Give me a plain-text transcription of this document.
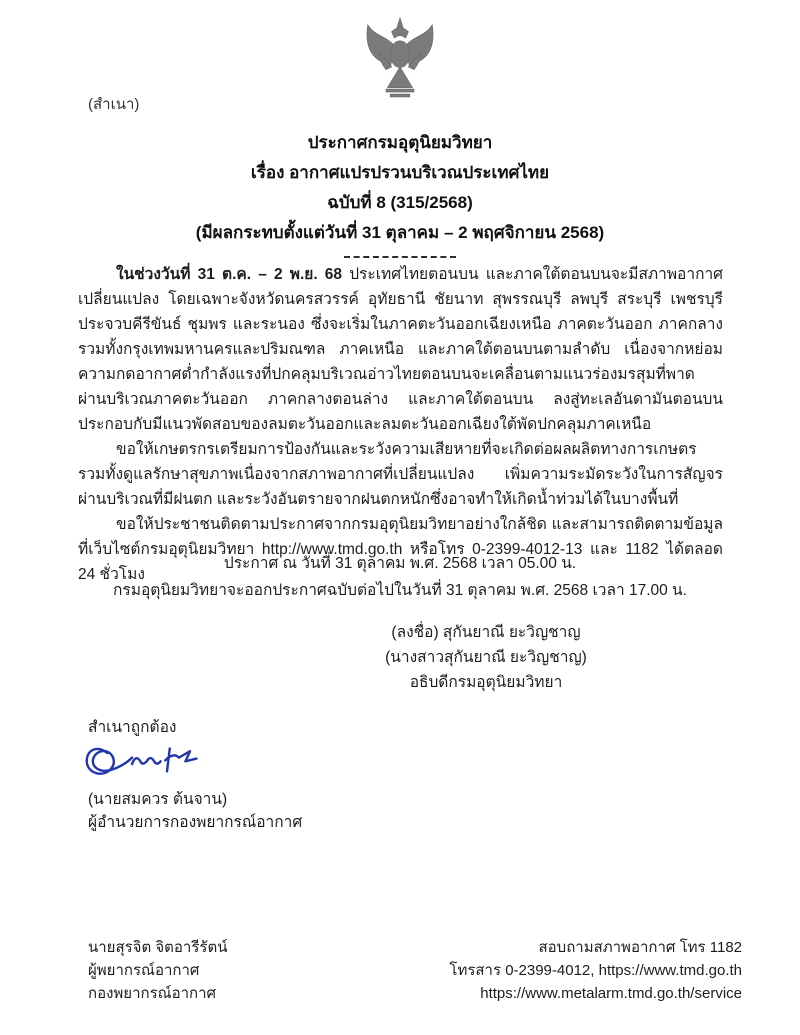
(สำเนา)
ประกาศกรมอุตุนิยมวิทยา
เรื่อง อากาศแปรปรวนบริเวณประเทศไทย
ฉบับที่ 8 (315/2568)
(มีผลกระทบตั้งแต่วันที่ 31 ตุลาคม – 2 พฤศจิกายน 2568)

ในช่วงวันที่ 31 ต.ค. – 2 พ.ย. 68 ประเทศไทยตอนบน และภาคใต้ตอนบนจะมีสภาพอากาศเปลี่ยนแปลง โดยเฉพาะจังหวัดนครสวรรค์ อุทัยธานี ชัยนาท สุพรรณบุรี ลพบุรี สระบุรี เพชรบุรี ประจวบคีรีขันธ์ ชุมพร และระนอง ซึ่งจะเริ่มในภาคตะวันออกเฉียงเหนือ ภาคตะวันออก ภาคกลาง รวมทั้งกรุงเทพมหานครและปริมณฑล ภาคเหนือ และภาคใต้ตอนบนตามลำดับ เนื่องจากหย่อมความกดอากาศต่ำกำลังแรงที่ปกคลุมบริเวณอ่าวไทยตอนบนจะเคลื่อนตามแนวร่องมรสุมที่พาดผ่านบริเวณภาคตะวันออก ภาคกลางตอนล่าง และภาคใต้ตอนบน ลงสู่ทะเลอันดามันตอนบน ประกอบกับมีแนวพัดสอบของลมตะวันออกและลมตะวันออกเฉียงใต้พัดปกคลุมภาคเหนือ

ขอให้เกษตรกรเตรียมการป้องกันและระวังความเสียหายที่จะเกิดต่อผลผลิตทางการเกษตร รวมทั้งดูแลรักษาสุขภาพเนื่องจากสภาพอากาศที่เปลี่ยนแปลง เพิ่มความระมัดระวังในการสัญจรผ่านบริเวณที่มีฝนตก และระวังอันตรายจากฝนตกหนักซึ่งอาจทำให้เกิดน้ำท่วมได้ในบางพื้นที่

ขอให้ประชาชนติดตามประกาศจากกรมอุตุนิยมวิทยาอย่างใกล้ชิด และสามารถติดตามข้อมูลที่เว็บไซต์กรมอุตุนิยมวิทยา http://www.tmd.go.th หรือโทร 0-2399-4012-13 และ 1182 ได้ตลอด 24 ชั่วโมง

ประกาศ ณ วันที่ 31 ตุลาคม พ.ศ. 2568 เวลา 05.00 น.
กรมอุตุนิยมวิทยาจะออกประกาศฉบับต่อไปในวันที่ 31 ตุลาคม พ.ศ. 2568 เวลา 17.00 น.
(ลงชื่อ) สุกันยาณี ยะวิญชาญ
(นางสาวสุกันยาณี ยะวิญชาญ)
อธิบดีกรมอุตุนิยมวิทยา
สำเนาถูกต้อง
(นายสมควร ต้นจาน)
ผู้อำนวยการกองพยากรณ์อากาศ
นายสุรจิต จิตอารีรัตน์
ผู้พยากรณ์อากาศ
กองพยากรณ์อากาศ
สอบถามสภาพอากาศ โทร 1182
โทรสาร 0-2399-4012, https://www.tmd.go.th
https://www.metalarm.tmd.go.th/service
